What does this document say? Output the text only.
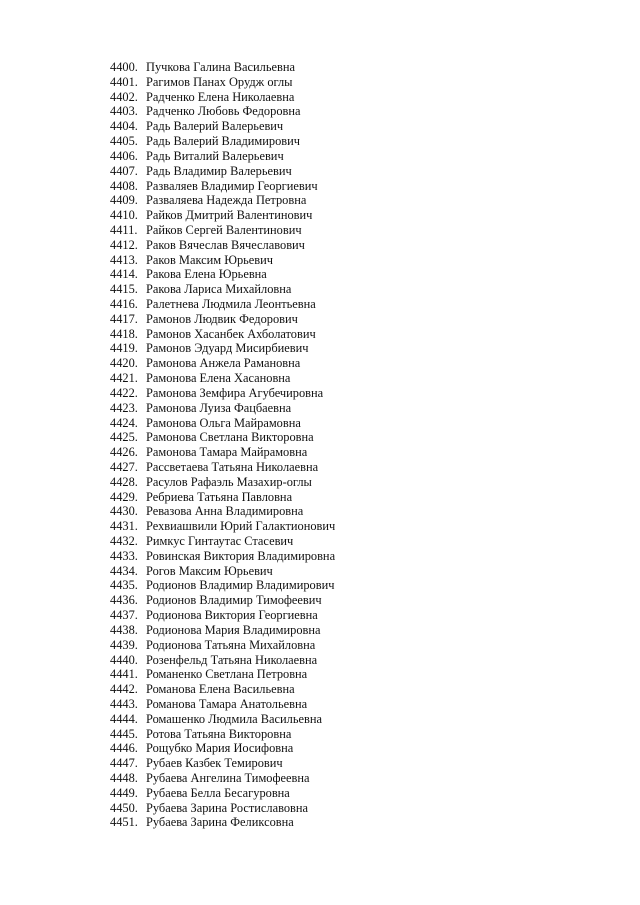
4400. Пучкова Галина Васильевна
4401. Рагимов Панах Орудж оглы
4402. Радченко Елена Николаевна
4403. Радченко Любовь Федоровна
4404. Радь Валерий Валерьевич
4405. Радь Валерий Владимирович
4406. Радь Виталий Валерьевич
4407. Радь Владимир Валерьевич
4408. Разваляев Владимир Георгиевич
4409. Разваляева Надежда Петровна
4410. Райков Дмитрий Валентинович
4411. Райков Сергей Валентинович
4412. Раков Вячеслав Вячеславович
4413. Раков Максим Юрьевич
4414. Ракова Елена Юрьевна
4415. Ракова Лариса Михайловна
4416. Ралетнева Людмила Леонтьевна
4417. Рамонов Людвик Федорович
4418. Рамонов Хасанбек Ахболатович
4419. Рамонов Эдуард Мисирбиевич
4420. Рамонова Анжела Рамановна
4421. Рамонова Елена Хасановна
4422. Рамонова Земфира Агубечировна
4423. Рамонова Луиза Фацбаевна
4424. Рамонова Ольга Майрамовна
4425. Рамонова Светлана Викторовна
4426. Рамонова Тамара Майрамовна
4427. Рассветаева Татьяна Николаевна
4428. Расулов Рафаэль Мазахир-оглы
4429. Ребриева Татьяна Павловна
4430. Ревазова Анна Владимировна
4431. Рехвиашвили Юрий Галактионович
4432. Римкус Гинтаутас Стасевич
4433. Ровинская Виктория Владимировна
4434. Рогов Максим Юрьевич
4435. Родионов Владимир Владимирович
4436. Родионов Владимир Тимофеевич
4437. Родионова Виктория Георгиевна
4438. Родионова Мария Владимировна
4439. Родионова Татьяна Михайловна
4440. Розенфельд Татьяна Николаевна
4441. Романенко Светлана Петровна
4442. Романова Елена Васильевна
4443. Романова Тамара Анатольевна
4444. Ромашенко Людмила Васильевна
4445. Ротова Татьяна Викторовна
4446. Рощубко Мария Иосифовна
4447. Рубаев Казбек Темирович
4448. Рубаева Ангелина Тимофеевна
4449. Рубаева Белла Бесагуровна
4450. Рубаева Зарина Ростиславовна
4451. Рубаева Зарина Феликсовна
